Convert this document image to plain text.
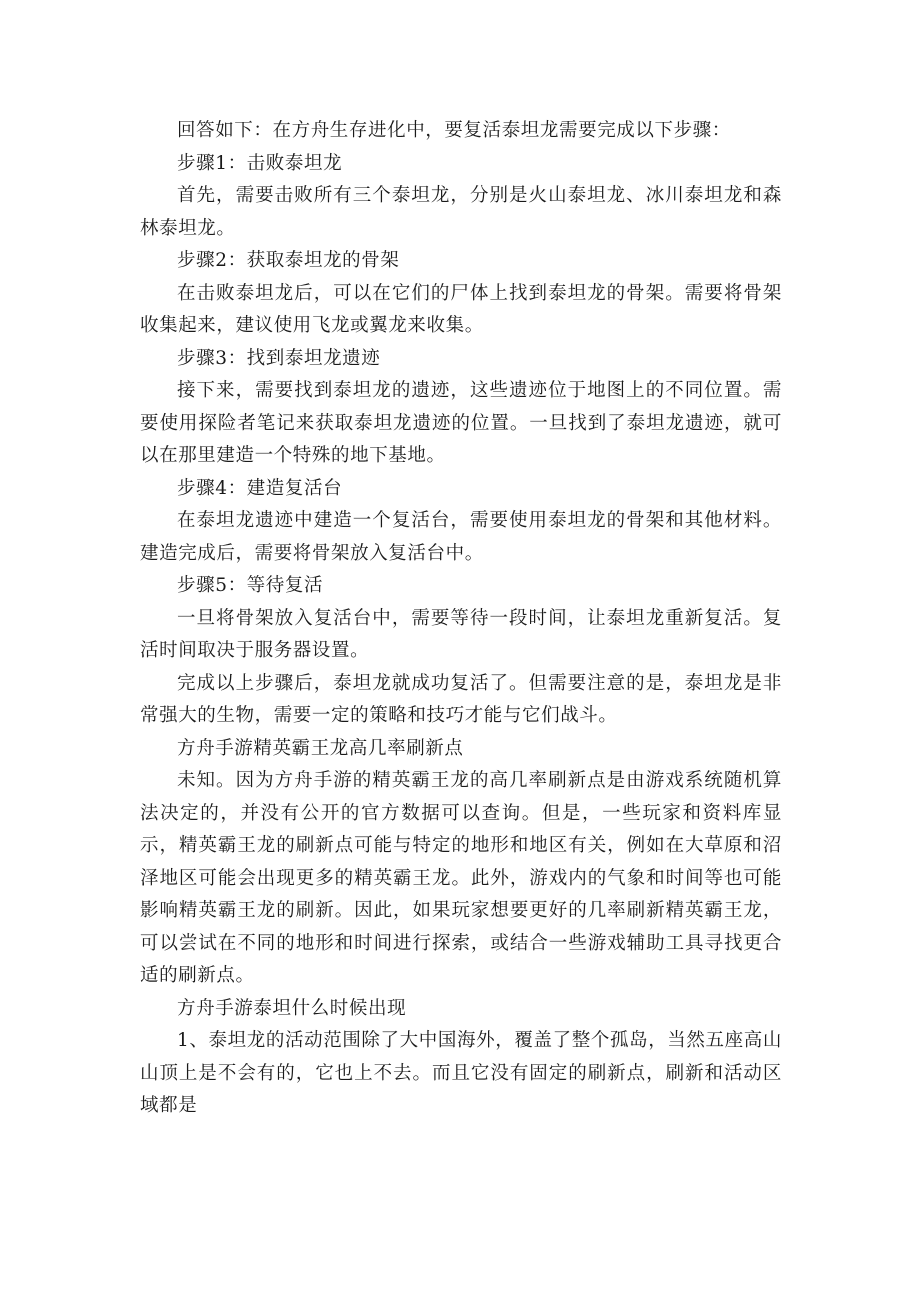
回答如下：在方舟生存进化中，要复活泰坦龙需要完成以下步骤：

步骤1：击败泰坦龙

首先，需要击败所有三个泰坦龙，分别是火山泰坦龙、冰川泰坦龙和森林泰坦龙。

步骤2：获取泰坦龙的骨架

在击败泰坦龙后，可以在它们的尸体上找到泰坦龙的骨架。需要将骨架收集起来，建议使用飞龙或翼龙来收集。

步骤3：找到泰坦龙遗迹

接下来，需要找到泰坦龙的遗迹，这些遗迹位于地图上的不同位置。需要使用探险者笔记来获取泰坦龙遗迹的位置。一旦找到了泰坦龙遗迹，就可以在那里建造一个特殊的地下基地。

步骤4：建造复活台

在泰坦龙遗迹中建造一个复活台，需要使用泰坦龙的骨架和其他材料。建造完成后，需要将骨架放入复活台中。

步骤5：等待复活

一旦将骨架放入复活台中，需要等待一段时间，让泰坦龙重新复活。复活时间取决于服务器设置。

完成以上步骤后，泰坦龙就成功复活了。但需要注意的是，泰坦龙是非常强大的生物，需要一定的策略和技巧才能与它们战斗。

方舟手游精英霸王龙高几率刷新点

未知。因为方舟手游的精英霸王龙的高几率刷新点是由游戏系统随机算法决定的，并没有公开的官方数据可以查询。但是，一些玩家和资料库显示，精英霸王龙的刷新点可能与特定的地形和地区有关，例如在大草原和沼泽地区可能会出现更多的精英霸王龙。此外，游戏内的气象和时间等也可能影响精英霸王龙的刷新。因此，如果玩家想要更好的几率刷新精英霸王龙，可以尝试在不同的地形和时间进行探索，或结合一些游戏辅助工具寻找更合适的刷新点。

方舟手游泰坦什么时候出现

1、泰坦龙的活动范围除了大中国海外，覆盖了整个孤岛，当然五座高山山顶上是不会有的，它也上不去。而且它没有固定的刷新点，刷新和活动区域都是
